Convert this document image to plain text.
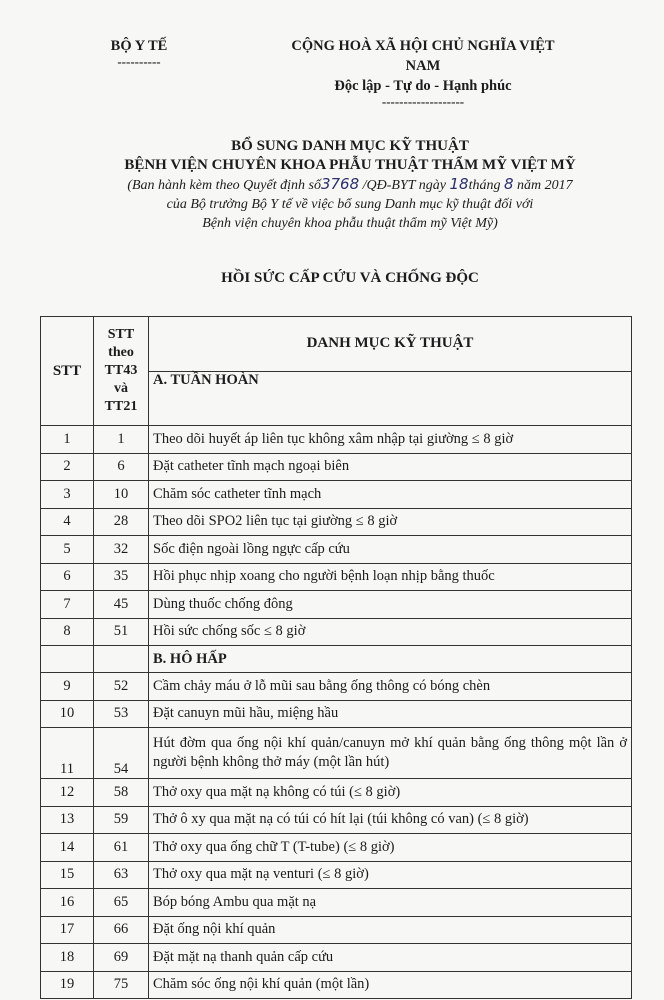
BỘ Y TẾ
----------
CỘNG HOÀ XÃ HỘI CHỦ NGHĨA VIỆT NAM
Độc lập - Tự do - Hạnh phúc
-------------------
BỔ SUNG DANH MỤC KỸ THUẬT
BỆNH VIỆN CHUYÊN KHOA PHẪU THUẬT THẨM MỸ VIỆT MỸ
(Ban hành kèm theo Quyết định số3768 /QĐ-BYT ngày 18tháng 8 năm 2017
của Bộ trưởng Bộ Y tế về việc bổ sung Danh mục kỹ thuật đối với
Bệnh viện chuyên khoa phẫu thuật thẩm mỹ Việt Mỹ)
HỒI SỨC CẤP CỨU VÀ CHỐNG ĐỘC
STT	STT
theo
TT43
và
TT21	DANH MỤC KỸ THUẬT
		A. TUẦN HOÀN
1	1	Theo dõi huyết áp liên tục không xâm nhập tại giường ≤ 8 giờ
2	6	Đặt catheter tĩnh mạch ngoại biên
3	10	Chăm sóc catheter tĩnh mạch
4	28	Theo dõi SPO2 liên tục tại giường ≤ 8 giờ
5	32	Sốc điện ngoài lồng ngực cấp cứu
6	35	Hồi phục nhịp xoang cho người bệnh loạn nhịp bằng thuốc
7	45	Dùng thuốc chống đông
8	51	Hồi sức chống sốc ≤ 8 giờ
		B. HÔ HẤP
9	52	Cầm chảy máu ở lỗ mũi sau bằng ống thông có bóng chèn
10	53	Đặt canuyn mũi hầu, miệng hầu
11	54	Hút đờm qua ống nội khí quản/canuyn mở khí quản bằng ống thông một lần ở người bệnh không thở máy (một lần hút)
12	58	Thở oxy qua mặt nạ không có túi (≤ 8 giờ)
13	59	Thở ô xy qua mặt nạ có túi có hít lại (túi không có van) (≤ 8 giờ)
14	61	Thở oxy qua ống chữ T (T-tube) (≤ 8 giờ)
15	63	Thở oxy qua mặt nạ venturi (≤ 8 giờ)
16	65	Bóp bóng Ambu qua mặt nạ
17	66	Đặt ống nội khí quản
18	69	Đặt mặt nạ thanh quản cấp cứu
19	75	Chăm sóc ống nội khí quản (một lần)
